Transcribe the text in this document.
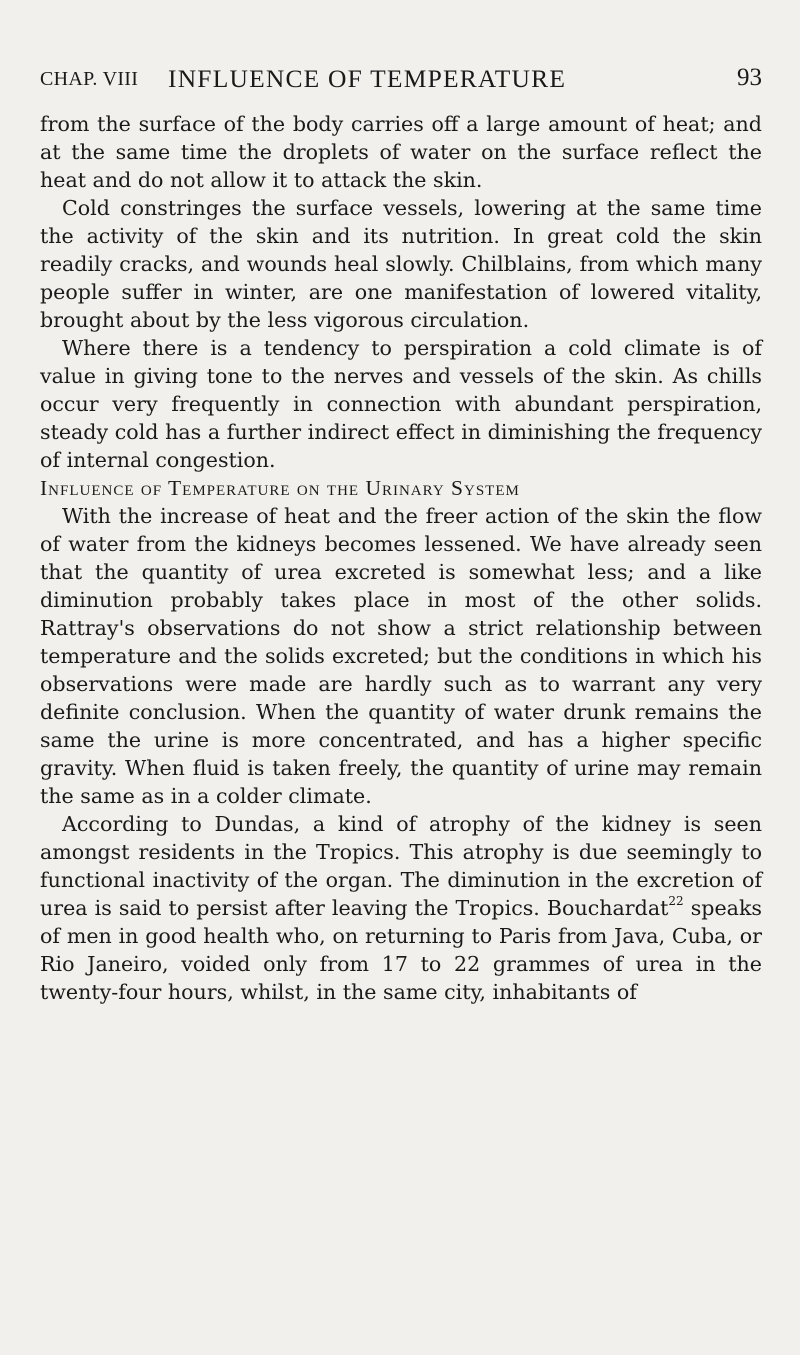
CHAP. VIII INFLUENCE OF TEMPERATURE	93

from the surface of the body carries off a large amount of heat; and at the same time the droplets of water on the surface reflect the heat and do not allow it to attack the skin.

Cold constringes the surface vessels, lowering at the same time the activity of the skin and its nutrition. In great cold the skin readily cracks, and wounds heal slowly. Chilblains, from which many people suffer in winter, are one manifestation of lowered vitality, brought about by the less vigorous circulation.

Where there is a tendency to perspiration a cold climate is of value in giving tone to the nerves and vessels of the skin. As chills occur very frequently in connection with abundant perspiration, steady cold has a further indirect effect in diminishing the frequency of internal congestion.

Influence of Temperature on the Urinary System

With the increase of heat and the freer action of the skin the flow of water from the kidneys becomes lessened. We have already seen that the quantity of urea excreted is somewhat less; and a like diminution probably takes place in most of the other solids. Rattray's observations do not show a strict relationship between temperature and the solids excreted; but the conditions in which his observations were made are hardly such as to warrant any very definite conclusion. When the quantity of water drunk remains the same the urine is more concentrated, and has a higher specific gravity. When fluid is taken freely, the quantity of urine may remain the same as in a colder climate.

According to Dundas, a kind of atrophy of the kidney is seen amongst residents in the Tropics. This atrophy is due seemingly to functional inactivity of the organ. The diminution in the excretion of urea is said to persist after leaving the Tropics. Bouchardat$^{22}$ speaks of men in good health who, on returning to Paris from Java, Cuba, or Rio Janeiro, voided only from 17 to 22 grammes of urea in the twenty-four hours, whilst, in the same city, inhabitants of
